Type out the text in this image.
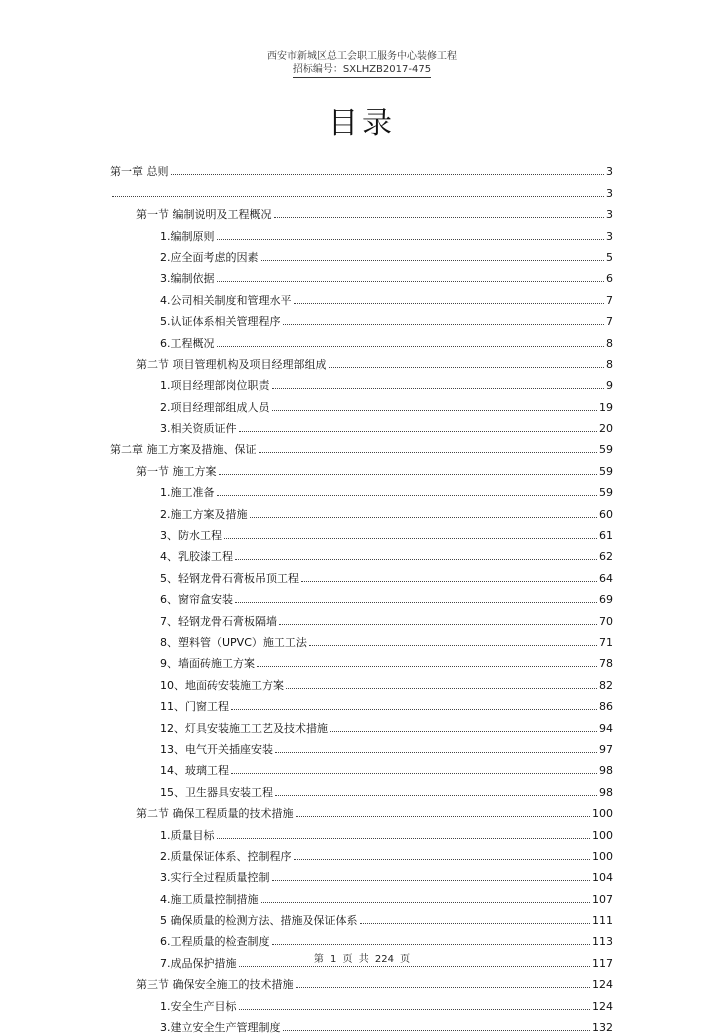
西安市新城区总工会职工服务中心装修工程
招标编号：SXLHZB2017-475
目录
第一章 总则	3
3
第一节 编制说明及工程概况	3
1.编制原则	3
2.应全面考虑的因素	5
3.编制依据	6
4.公司相关制度和管理水平	7
5.认证体系相关管理程序	7
6.工程概况	8
第二节 项目管理机构及项目经理部组成	8
1.项目经理部岗位职责	9
2.项目经理部组成人员	19
3.相关资质证件	20
第二章 施工方案及措施、保证	59
第一节 施工方案	59
1.施工准备	59
2.施工方案及措施	60
3、防水工程	61
4、乳胶漆工程	62
5、轻钢龙骨石膏板吊顶工程	64
6、窗帘盒安装	69
7、轻钢龙骨石膏板隔墙	70
8、塑料管（UPVC）施工工法	71
9、墙面砖施工方案	78
10、地面砖安装施工方案	82
11、门窗工程	86
12、灯具安装施工工艺及技术措施	94
13、电气开关插座安装	97
14、玻璃工程	98
15、卫生器具安装工程	98
第二节 确保工程质量的技术措施	100
1.质量目标	100
2.质量保证体系、控制程序	100
3.实行全过程质量控制	104
4.施工质量控制措施	107
5 确保质量的检测方法、措施及保证体系	111
6.工程质量的检查制度	113
7.成品保护措施	117
第三节 确保安全施工的技术措施	124
1.安全生产目标	124
3.建立安全生产管理制度	132
第 1 页 共 224 页
